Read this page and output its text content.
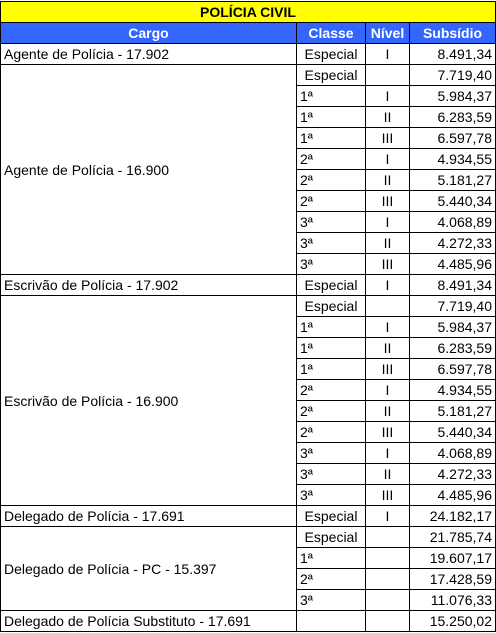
POLÍCIA CIVIL			
Cargo	Classe	Nível	Subsídio
Agente de Polícia - 17.902	Especial	I	8.491,34
Agente de Polícia - 16.900	Especial		7.719,40
	1ª	I	5.984,37
	1ª	II	6.283,59
	1ª	III	6.597,78
	2ª	I	4.934,55
	2ª	II	5.181,27
	2ª	III	5.440,34
	3ª	I	4.068,89
	3ª	II	4.272,33
	3ª	III	4.485,96
Escrivão de Polícia - 17.902	Especial	I	8.491,34
Escrivão de Polícia - 16.900	Especial		7.719,40
	1ª	I	5.984,37
	1ª	II	6.283,59
	1ª	III	6.597,78
	2ª	I	4.934,55
	2ª	II	5.181,27
	2ª	III	5.440,34
	3ª	I	4.068,89
	3ª	II	4.272,33
	3ª	III	4.485,96
Delegado de Polícia - 17.691	Especial	I	24.182,17
Delegado de Polícia - PC - 15.397	Especial		21.785,74
	1ª		19.607,17
	2ª		17.428,59
	3ª		11.076,33
Delegado de Polícia Substituto - 17.691			15.250,02
